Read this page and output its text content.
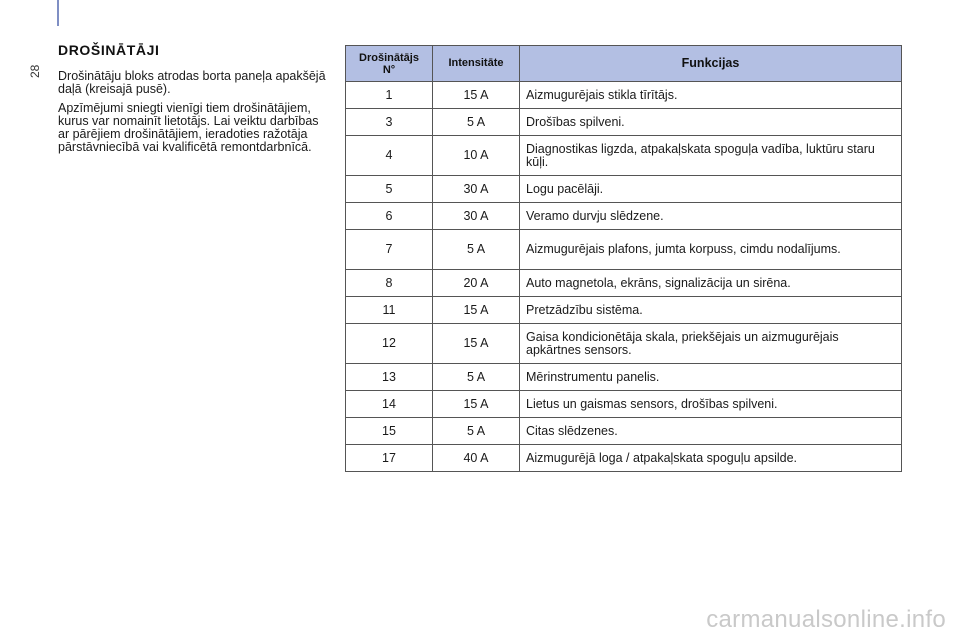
28
DROŠINĀTĀJI

Drošinātāju bloks atrodas borta paneļa apakšējā daļā (kreisajā pusē).

Apzīmējumi sniegti vienīgi tiem drošinātājiem, kurus var nomainīt lietotājs. Lai veiktu darbības ar pārējiem drošinātājiem, ieradoties ražotāja pārstāvniecībā vai kvalificētā remontdarbnīcā.

Drošinātājs
N°	Intensitāte	Funkcijas
1	15 A	Aizmugurējais stikla tīrītājs.
3	5 A	Drošības spilveni.
4	10 A	Diagnostikas ligzda, atpakaļskata spoguļa vadība, luktūru staru kūļi.
5	30 A	Logu pacēlāji.
6	30 A	Veramo durvju slēdzene.
7	5 A	Aizmugurējais plafons, jumta korpuss, cimdu nodalījums.
8	20 A	Auto magnetola, ekrāns, signalizācija un sirēna.
11	15 A	Pretzādzību sistēma.
12	15 A	Gaisa kondicionētāja skala, priekšējais un aizmugurējais apkārtnes sensors.
13	5 A	Mērinstrumentu panelis.
14	15 A	Lietus un gaismas sensors, drošības spilveni.
15	5 A	Citas slēdzenes.
17	40 A	Aizmugurējā loga / atpakaļskata spoguļu apsilde.
carmanualsonline.info
